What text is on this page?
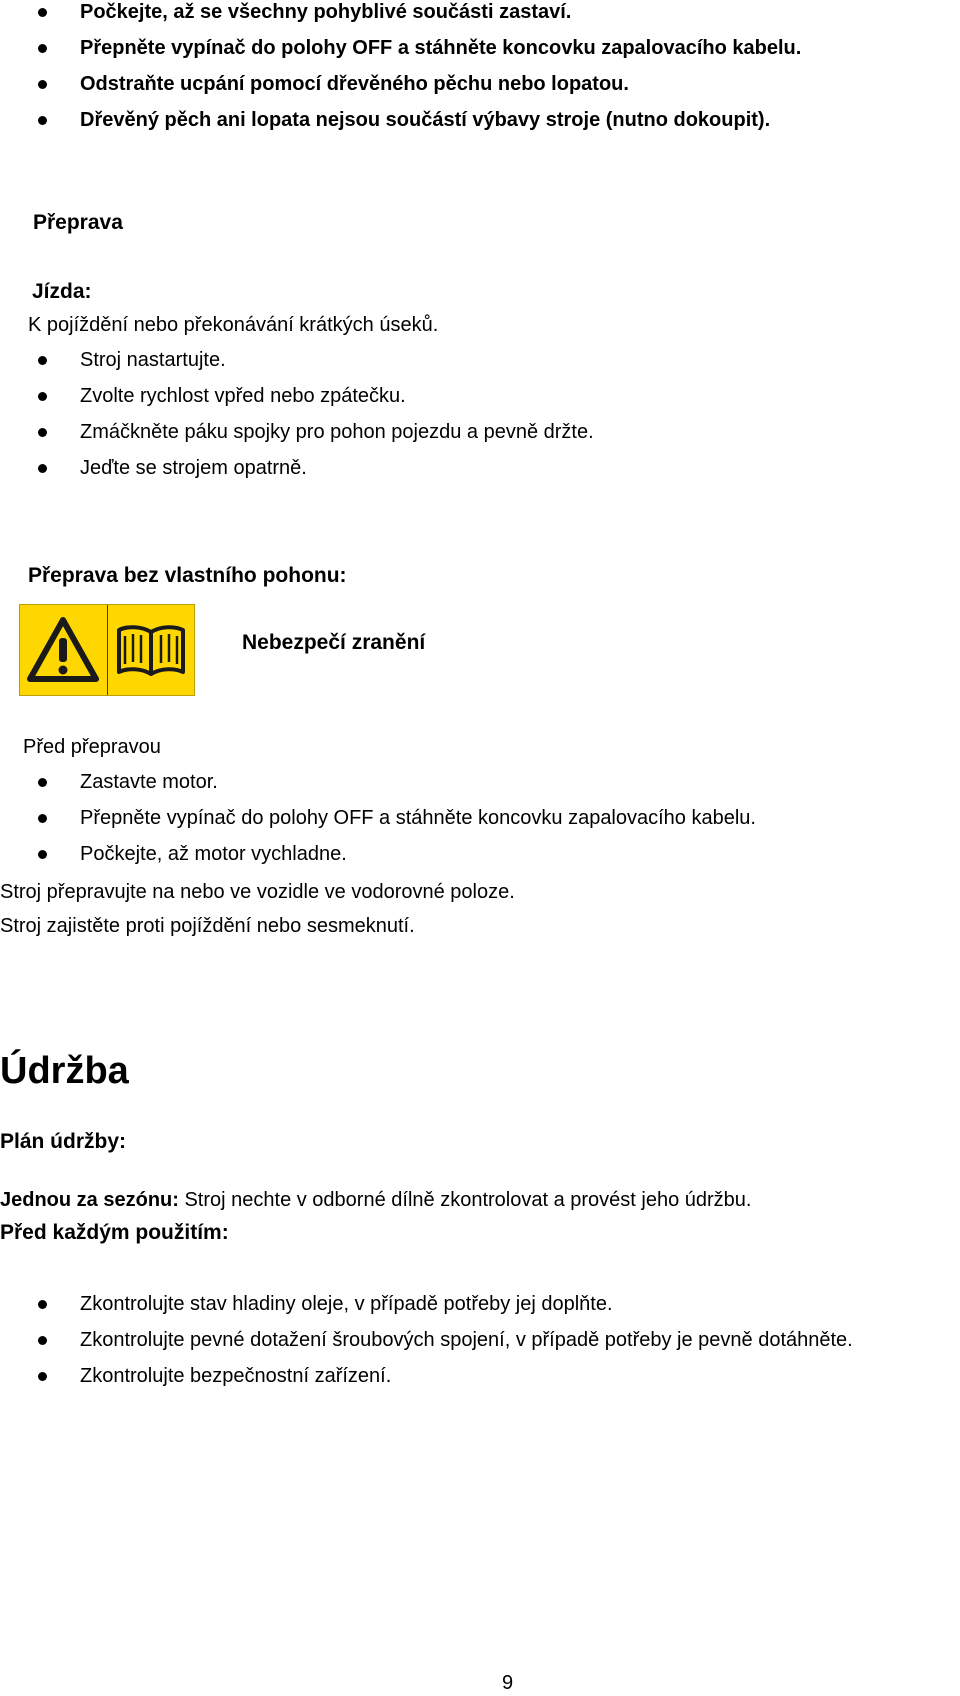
Počkejte, až se všechny pohyblivé součásti zastaví.
Přepněte vypínač do polohy OFF a stáhněte koncovku zapalovacího kabelu.
Odstraňte ucpání pomocí dřevěného pěchu nebo lopatou.
Dřevěný pěch ani lopata nejsou součástí výbavy stroje (nutno dokoupit).
Přeprava
Jízda:
K pojíždění nebo překonávání krátkých úseků.
Stroj nastartujte.
Zvolte rychlost vpřed nebo zpátečku.
Zmáčkněte páku spojky pro pohon pojezdu a pevně držte.
Jeďte se strojem opatrně.
Přeprava bez vlastního pohonu:
Nebezpečí zranění
Před přepravou
Zastavte motor.
Přepněte vypínač do polohy OFF a stáhněte koncovku zapalovacího kabelu.
Počkejte, až motor vychladne.
Stroj přepravujte na nebo ve vozidle ve vodorovné poloze.
Stroj zajistěte proti pojíždění nebo sesmeknutí.
Údržba
Plán údržby:
Jednou za sezónu: Stroj nechte v odborné dílně zkontrolovat a provést jeho údržbu.
Před každým použitím:
Zkontrolujte stav hladiny oleje, v případě potřeby jej doplňte.
Zkontrolujte pevné dotažení šroubových spojení, v případě potřeby je pevně dotáhněte.
Zkontrolujte bezpečnostní zařízení.
9
